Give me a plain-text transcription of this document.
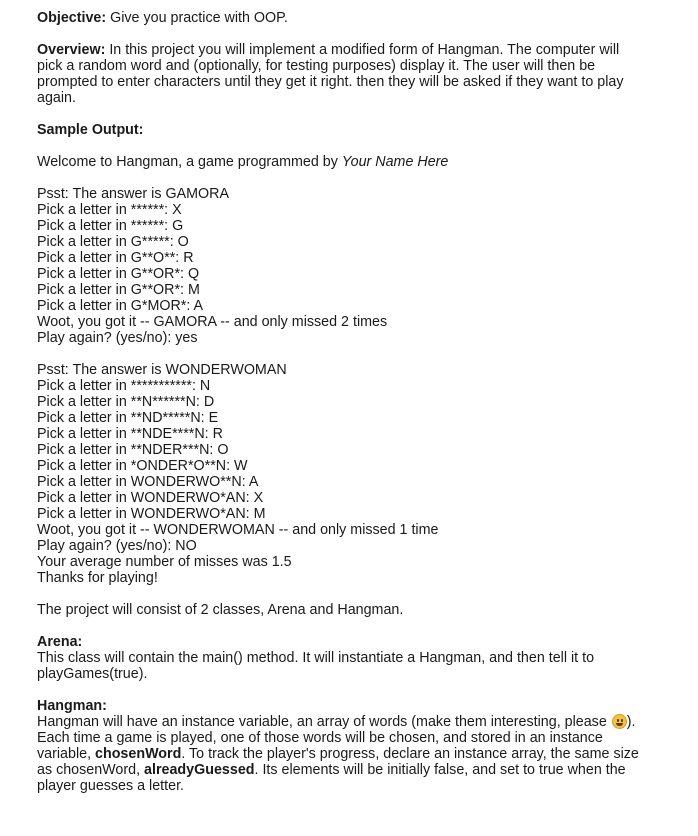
Objective: Give you practice with OOP.

Overview: In this project you will implement a modified form of Hangman. The computer will

pick a random word and (optionally, for testing purposes) display it. The user will then be

prompted to enter characters until they get it right. then they will be asked if they want to play

again.

Sample Output:

Welcome to Hangman, a game programmed by Your Name Here

Psst: The answer is GAMORA

Pick a letter in ******: X

Pick a letter in ******: G

Pick a letter in G*****: O

Pick a letter in G**O**: R

Pick a letter in G**OR*: Q

Pick a letter in G**OR*: M

Pick a letter in G*MOR*: A

Woot, you got it -- GAMORA -- and only missed 2 times

Play again? (yes/no): yes

Psst: The answer is WONDERWOMAN

Pick a letter in ***********: N

Pick a letter in **N******N: D

Pick a letter in **ND*****N: E

Pick a letter in **NDE****N: R

Pick a letter in **NDER***N: O

Pick a letter in *ONDER*O**N: W

Pick a letter in WONDERWO**N: A

Pick a letter in WONDERWO*AN: X

Pick a letter in WONDERWO*AN: M

Woot, you got it -- WONDERWOMAN -- and only missed 1 time

Play again? (yes/no): NO

Your average number of misses was 1.5

Thanks for playing!

The project will consist of 2 classes, Arena and Hangman.

Arena:

This class will contain the main() method. It will instantiate a Hangman, and then tell it to

playGames(true).

Hangman:

Hangman will have an instance variable, an array of words (make them interesting, please
).

Each time a game is played, one of those words will be chosen, and stored in an instance

variable, chosenWord. To track the player's progress, declare an instance array, the same size

as chosenWord, alreadyGuessed. Its elements will be initially false, and set to true when the

player guesses a letter.
